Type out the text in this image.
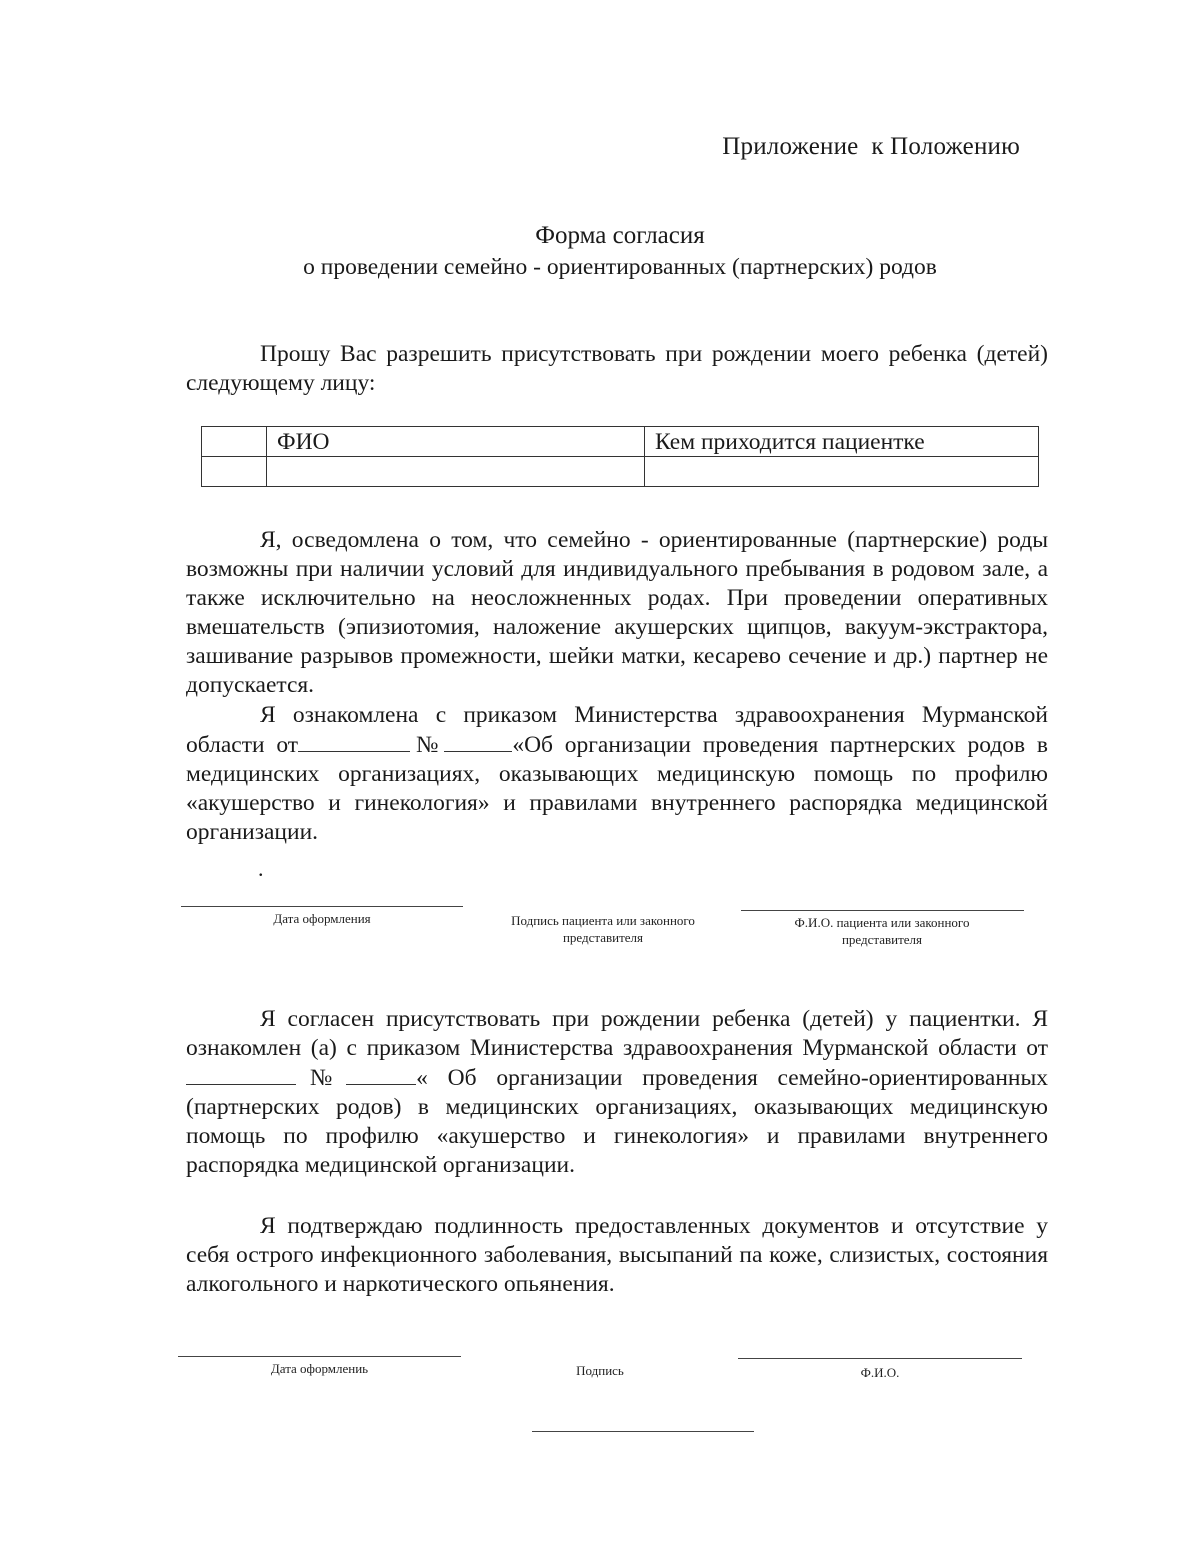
Приложение  к Положению
Форма согласия
о проведении семейно - ориентированных (партнерских) родов
Прошу Вас разрешить присутствовать при рождении моего ребенка (детей) следующему лицу:
	ФИО	Кем приходится пациентке

Я, осведомлена о том, что семейно - ориентированные (партнерские) роды возможны при наличии условий для индивидуального пребывания в родовом зале, а также исключительно на неосложненных родах. При проведении оперативных вмешательств (эпизиотомия, наложение акушерских щипцов, вакуум-экстрактора, зашивание разрывов промежности, шейки матки, кесарево сечение и др.) партнер не допускается.
Я ознакомлена с приказом Министерства здравоохранения Мурманской области от	№	«Об организации проведения партнерских родов в медицинских организациях, оказывающих медицинскую помощь по профилю «акушерство и гинекология» и правилами внутреннего распорядка медицинской организации.
.
Дата оформления	Подпись пациента или законного представителя
Ф.И.О. пациента или законного представителя
Я согласен присутствовать при рождении ребенка (детей) у пациентки. Я ознакомлен (а) с приказом Министерства здравоохранения Мурманской области от№	« Об организации проведения семейно-ориентированных (партнерских родов) в медицинских организациях, оказывающих медицинскую помощь по профилю «акушерство и гинекология» и правилами внутреннего распорядка медицинской организации.
Я подтверждаю подлинность предоставленных документов и отсутствие у себя острого инфекционного заболевания, высыпаний па коже, слизистых, состояния алкогольного и наркотического опьянения.
Дата оформлениь	Подпись	Ф.И.О.
